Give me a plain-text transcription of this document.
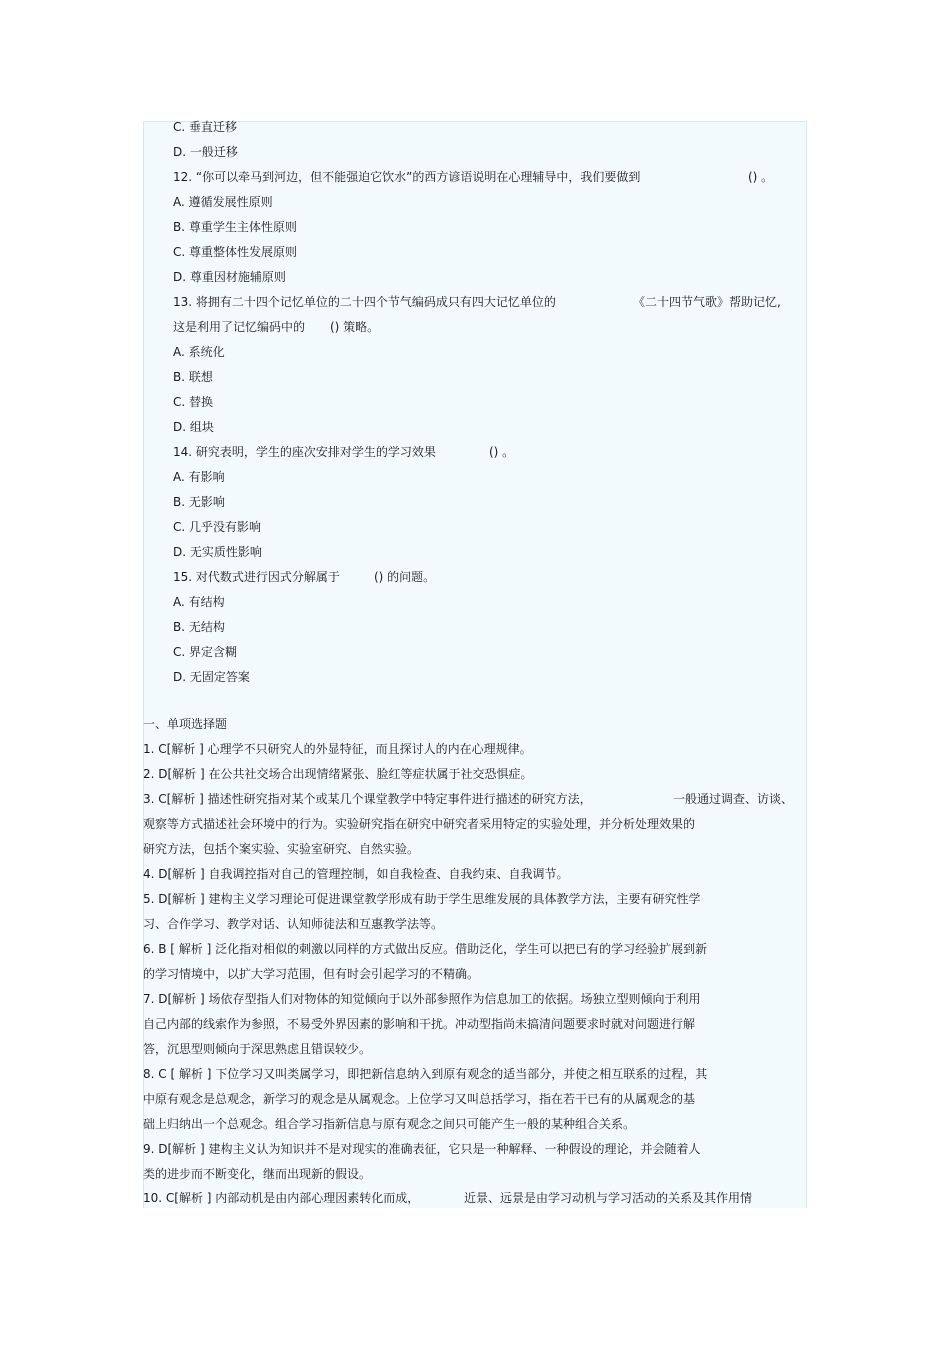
C. 垂直迁移
D. 一般迁移
12. “你可以牵马到河边，但不能强迫它饮水”的西方谚语说明在心理辅导中，我们要做到	() 。
A. 遵循发展性原则
B. 尊重学生主体性原则
C. 尊重整体性发展原则
D. 尊重因材施辅原则
13. 将拥有二十四个记忆单位的二十四个节气编码成只有四大记忆单位的	《二十四节气歌》帮助记忆,
这是利用了记忆编码中的 () 策略。
A. 系统化
B. 联想
C. 替换
D. 组块
14. 研究表明，学生的座次安排对学生的学习效果	() 。
A. 有影响
B. 无影响
C. 几乎没有影响
D. 无实质性影响
15. 对代数式进行因式分解属于	() 的问题。
A. 有结构
B. 无结构
C. 界定含糊
D. 无固定答案
一、单项选择题
1. C[解析 ] 心理学不只研究人的外显特征，而且探讨人的内在心理规律。
2. D[解析 ] 在公共社交场合出现情绪紧张、脸红等症状属于社交恐惧症。
3. C[解析 ] 描述性研究指对某个或某几个课堂教学中特定事件进行描述的研究方法，	一般通过调查、访谈、
观察等方式描述社会环境中的行为。实验研究指在研究中研究者采用特定的实验处理，并分析处理效果的
研究方法，包括个案实验、实验室研究、自然实验。
4. D[解析 ] 自我调控指对自己的管理控制，如自我检查、自我约束、自我调节。
5. D[解析 ] 建构主义学习理论可促进课堂教学形成有助于学生思维发展的具体教学方法，主要有研究性学
习、合作学习、教学对话、认知师徒法和互惠教学法等。
6. B [ 解析 ] 泛化指对相似的刺激以同样的方式做出反应。借助泛化，学生可以把已有的学习经验扩展到新
的学习情境中，以扩大学习范围，但有时会引起学习的不精确。
7. D[解析 ] 场依存型指人们对物体的知觉倾向于以外部参照作为信息加工的依据。场独立型则倾向于利用
自己内部的线索作为参照，不易受外界因素的影响和干扰。冲动型指尚未搞清问题要求时就对问题进行解
答，沉思型则倾向于深思熟虑且错误较少。
8. C [ 解析 ] 下位学习又叫类属学习，即把新信息纳入到原有观念的适当部分，并使之相互联系的过程，其
中原有观念是总观念，新学习的观念是从属观念。上位学习又叫总括学习，指在若干已有的从属观念的基
础上归纳出一个总观念。组合学习指新信息与原有观念之间只可能产生一般的某种组合关系。
9. D[解析 ] 建构主义认为知识并不是对现实的准确表征，它只是一种解释、一种假设的理论，并会随着人
类的进步而不断变化，继而出现新的假设。
10. C[解析 ] 内部动机是由内部心理因素转化而成，	近景、远景是由学习动机与学习活动的关系及其作用情
